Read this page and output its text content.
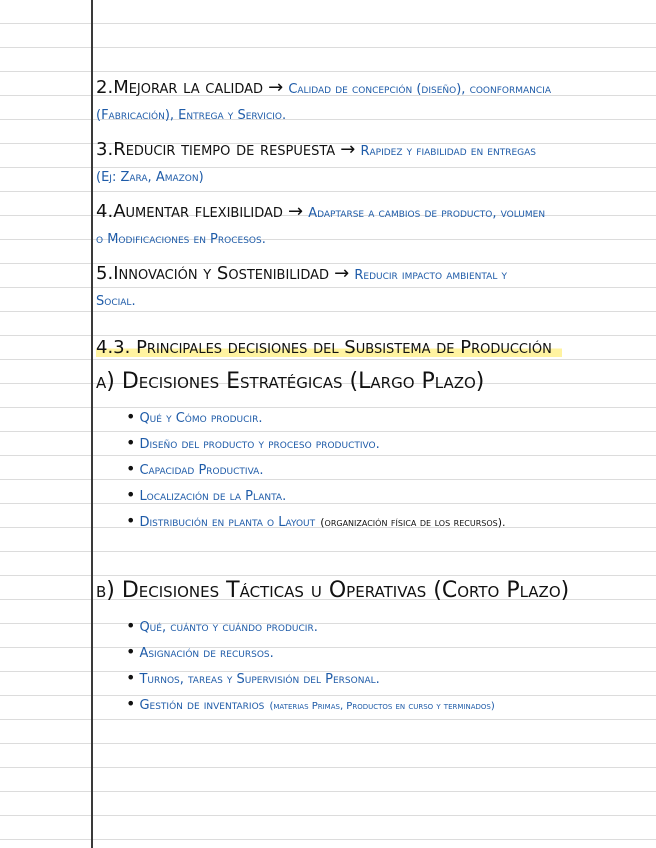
2.Mejorar la calidad → Calidad de concepción (diseño), coonformancia

(Fabricación), Entrega y Servicio.

3.Reducir tiempo de respuesta → Rapidez y fiabilidad en entregas

(Ej: Zara, Amazon)

4.Aumentar flexibilidad → Adaptarse a cambios de producto, volumen

o Modificaciones en Procesos.

5.Innovación y Sostenibilidad → Reducir impacto ambiental y

Social.

4.3. Principales decisiones del Subsistema de Producción

a) Decisiones Estratégicas (Largo Plazo)

• Qué y Cómo producir.

• Diseño del producto y proceso productivo.

• Capacidad Productiva.

• Localización de la Planta.

• Distribución en planta o Layout (organización física de los recursos).

b) Decisiones Tácticas u Operativas (Corto Plazo)

• Qué, cuánto y cuándo producir.

• Asignación de recursos.

• Turnos, tareas y Supervisión del Personal.

• Gestión de inventarios (materias Primas, Productos en curso y terminados)
